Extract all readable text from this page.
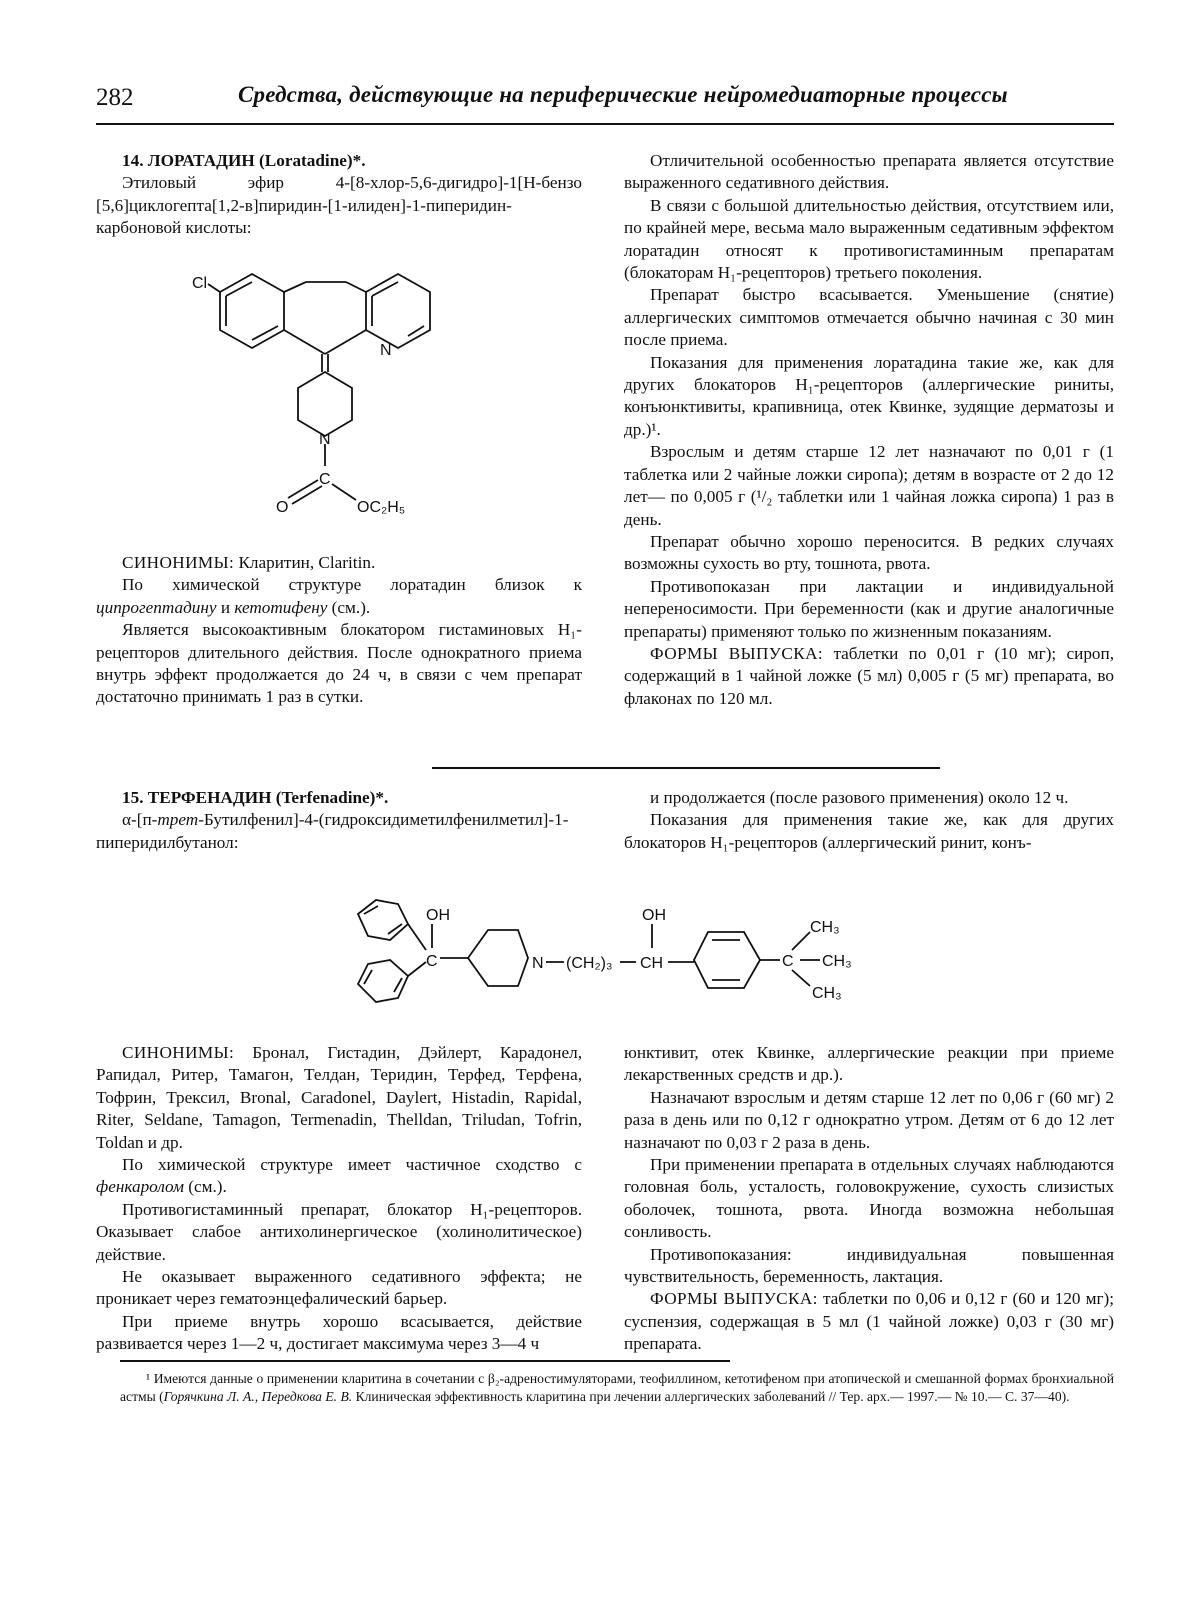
282	Средства, действующие на периферические нейромедиаторные процессы

14. ЛОРАТАДИН (Loratadine)*.

Этиловый эфир 4-[8-хлор-5,6-дигидро]-1[H-бензо [5,6]циклогепта[1,2-в]пиридин-[1-илиден]-1-пиперидин-карбоновой кислоты:

Cl
N
N
C
O	OC₂H₅

СИНОНИМЫ: Кларитин, Claritin.

По химической структуре лоратадин близок к ципрогептадину и кетотифену (см.).

Является высокоактивным блокатором гистаминовых H₁-рецепторов длительного действия. После однократного приема внутрь эффект продолжается до 24 ч, в связи с чем препарат достаточно принимать 1 раз в сутки.

Отличительной особенностью препарата является отсутствие выраженного седативного действия.

В связи с большой длительностью действия, отсутствием или, по крайней мере, весьма мало выраженным седативным эффектом лоратадин относят к противогистаминным препаратам (блокаторам H₁-рецепторов) третьего поколения.

Препарат быстро всасывается. Уменьшение (снятие) аллергических симптомов отмечается обычно начиная с 30 мин после приема.

Показания для применения лоратадина такие же, как для других блокаторов H₁-рецепторов (аллергические риниты, конъюнктивиты, крапивница, отек Квинке, зудящие дерматозы и др.)¹.

Взрослым и детям старше 12 лет назначают по 0,01 г (1 таблетка или 2 чайные ложки сиропа); детям в возрасте от 2 до 12 лет— по 0,005 г (¹/₂ таблетки или 1 чайная ложка сиропа) 1 раз в день.

Препарат обычно хорошо переносится. В редких случаях возможны сухость во рту, тошнота, рвота.

Противопоказан при лактации и индивидуальной непереносимости. При беременности (как и другие аналогичные препараты) применяют только по жизненным показаниям.

ФОРМЫ ВЫПУСКА: таблетки по 0,01 г (10 мг); сироп, содержащий в 1 чайной ложке (5 мл) 0,005 г (5 мг) препарата, во флаконах по 120 мл.

15. ТЕРФЕНАДИН (Terfenadine)*.

α-[п-трет-Бутилфенил]-4-(гидроксидиметилфенилметил]-1-пиперидилбутанол:

и продолжается (после разового применения) около 12 ч.

Показания для применения такие же, как для других блокаторов H₁-рецепторов (аллергический ринит, конъ-

OH
C	N (CH₂)₃ CH
OH
C
CH₃
CH₃
CH₃

СИНОНИМЫ: Бронал, Гистадин, Дэйлерт, Карадонел, Рапидал, Ритер, Тамагон, Телдан, Теридин, Терфед, Терфена, Тофрин, Трексил, Bronal, Caradonel, Daylert, Histadin, Rapidal, Riter, Seldane, Tamagon, Termenadin, Thelldan, Triludan, Tofrin, Toldan и др.

По химической структуре имеет частичное сходство с фенкаролом (см.).

Противогистаминный препарат, блокатор H₁-рецепторов. Оказывает слабое антихолинергическое (холинолитическое) действие.

Не оказывает выраженного седативного эффекта; не проникает через гематоэнцефалический барьер.

При приеме внутрь хорошо всасывается, действие развивается через 1—2 ч, достигает максимума через 3—4 ч

юнктивит, отек Квинке, аллергические реакции при приеме лекарственных средств и др.).

Назначают взрослым и детям старше 12 лет по 0,06 г (60 мг) 2 раза в день или по 0,12 г однократно утром. Детям от 6 до 12 лет назначают по 0,03 г 2 раза в день.

При применении препарата в отдельных случаях наблюдаются головная боль, усталость, головокружение, сухость слизистых оболочек, тошнота, рвота. Иногда возможна небольшая сонливость.

Противопоказания: индивидуальная повышенная чувствительность, беременность, лактация.

ФОРМЫ ВЫПУСКА: таблетки по 0,06 и 0,12 г (60 и 120 мг); суспензия, содержащая в 5 мл (1 чайной ложке) 0,03 г (30 мг) препарата.

¹ Имеются данные о применении кларитина в сочетании с β₂-адреностимуляторами, теофиллином, кетотифеном при атопической и смешанной формах бронхиальной астмы (Горячкина Л. А., Передкова Е. В. Клиническая эффективность кларитина при лечении аллергических заболеваний // Тер. арх.— 1997.— № 10.— С. 37—40).
